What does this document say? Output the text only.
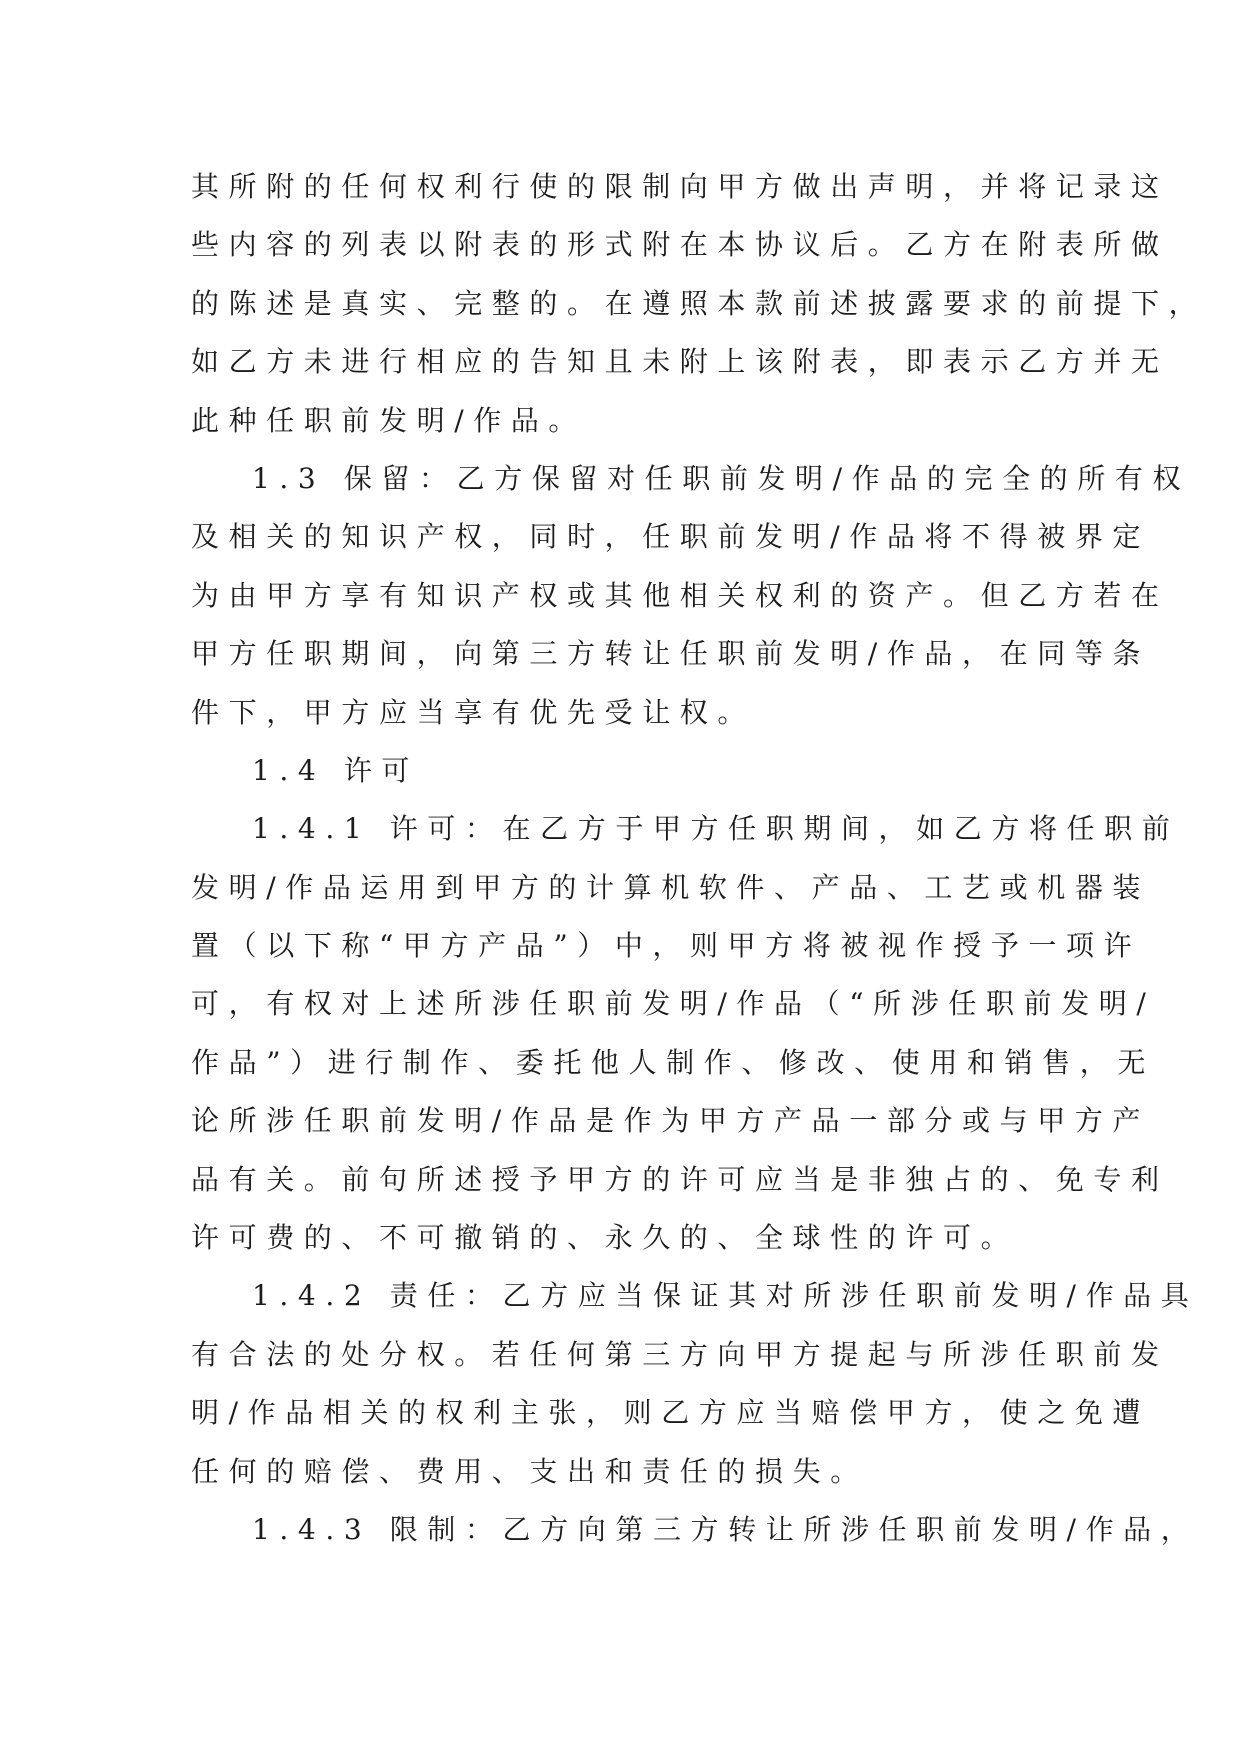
其所附的任何权利行使的限制向甲方做出声明，并将记录这
些内容的列表以附表的形式附在本协议后。乙方在附表所做
的陈述是真实、完整的。在遵照本款前述披露要求的前提下，
如乙方未进行相应的告知且未附上该附表，即表示乙方并无
此种任职前发明/作品。
1.3 保留：乙方保留对任职前发明/作品的完全的所有权
及相关的知识产权，同时，任职前发明/作品将不得被界定
为由甲方享有知识产权或其他相关权利的资产。但乙方若在
甲方任职期间，向第三方转让任职前发明/作品，在同等条
件下，甲方应当享有优先受让权。
1.4 许可
1.4.1 许可：在乙方于甲方任职期间，如乙方将任职前
发明/作品运用到甲方的计算机软件、产品、工艺或机器装
置（以下称“甲方产品”）中，则甲方将被视作授予一项许
可，有权对上述所涉任职前发明/作品（“所涉任职前发明/
作品”）进行制作、委托他人制作、修改、使用和销售，无
论所涉任职前发明/作品是作为甲方产品一部分或与甲方产
品有关。前句所述授予甲方的许可应当是非独占的、免专利
许可费的、不可撤销的、永久的、全球性的许可。
1.4.2 责任：乙方应当保证其对所涉任职前发明/作品具
有合法的处分权。若任何第三方向甲方提起与所涉任职前发
明/作品相关的权利主张，则乙方应当赔偿甲方，使之免遭
任何的赔偿、费用、支出和责任的损失。
1.4.3 限制：乙方向第三方转让所涉任职前发明/作品，
